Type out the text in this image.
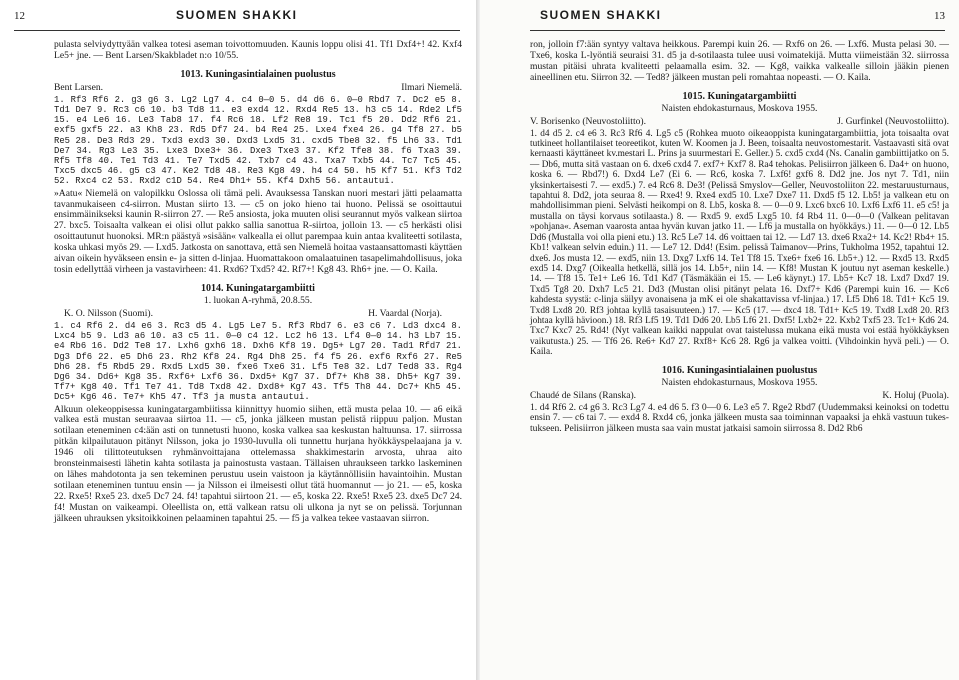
12	SUOMEN SHAKKI

pulasta selviydyttyään valkea totesi aseman toivottomuuden. Kaunis loppu olisi 41. Tf1 Dxf4+! 42. Kxf4 Le5+ jne. — Bent Larsen/Skakbladet n:o 10/55.

1013. Kuningasintialainen puolustus
Bent Larsen.	Ilmari Niemelä.

1. Rf3 Rf6 2. g3 g6 3. Lg2 Lg7 4. c4 0—0 5. d4 d6 6. 0—0 Rbd7 7. Dc2 e5 8. Td1 De7 9. Rc3 c6 10. b3 Td8 11. e3 exd4 12. Rxd4 Re5 13. h3 c5 14. Rde2 Lf5 15. e4 Le6 16. Le3 Tab8 17. f4 Rc6 18. Lf2 Re8 19. Tc1 f5 20. Dd2 Rf6 21. exf5 gxf5 22. a3 Kh8 23. Rd5 Df7 24. b4 Re4 25. Lxe4 fxe4 26. g4 Tf8 27. b5 Re5 28. De3 Rd3 29. Txd3 exd3 30. Dxd3 Lxd5 31. cxd5 Tbe8 32. f5 Lh6 33. Td1 De7 34. Rg3 Le3 35. Lxe3 Dxe3+ 36. Dxe3 Txe3 37. Kf2 Tfe8 38. f6 Txa3 39. Rf5 Tf8 40. Te1 Td3 41. Te7 Txd5 42. Txb7 c4 43. Txa7 Txb5 44. Tc7 Tc5 45. Txc5 dxc5 46. g5 c3 47. Ke2 Td8 48. Re3 Kg8 49. h4 c4 50. h5 Kf7 51. Kf3 Td2 52. Rxc4 c2 53. Rxd2 c1D 54. Re4 Dh1+ 55. Kf4 Dxh5 56. antautui.

»Aatu« Niemelä on valopilkku Oslossa oli tämä peli. Avauksessa Tanskan nuori mestari jätti pelaamatta tavanmukaiseen c4-siirron. Mustan siirto 13. — c5 on joko hieno tai huono. Pelissä se osoittautui ensimmäinikseksi kaunin R-siirron 27. — Re5 ansiosta, joka muuten olisi seurannut myös valkean siirtoa 27. bxc5. Toisaalta valkean ei olisi ollut pakko sallia sanottua R-siirtoa, jolloin 13. — c5 herkästi olisi osoittautunut huonoksi. MR:n päästyä »sisään« valkealla ei ollut parempaa kuin antaa kvaliteetti sotilasta, koska uhkasi myös 29. — Lxd5. Jatkosta on sanottava, että sen Niemelä hoitaa vastaansattomasti käyttäen aivan oikein hyväkseen ensin e- ja sitten d-linjaa. Huomattakoon omalaatuinen tasapelimahdollisuus, joka tosin edellyttää virheen ja vastavirheen: 41. Rxd6? Txd5? 42. Rf7+! Kg8 43. Rh6+ jne. — O. Kaila.

1014. Kuningatargambiitti
1. luokan A-ryhmä, 20.8.55.
K. O. Nilsson (Suomi).	H. Vaardal (Norja).

1. c4 Rf6 2. d4 e6 3. Rc3 d5 4. Lg5 Le7 5. Rf3 Rbd7 6. e3 c6 7. Ld3 dxc4 8. Lxc4 b5 9. Ld3 a6 10. a3 c5 11. 0—0 c4 12. Lc2 h6 13. Lf4 0—0 14. h3 Lb7 15. e4 Rb6 16. Dd2 Te8 17. Lxh6 gxh6 18. Dxh6 Kf8 19. Dg5+ Lg7 20. Tad1 Rfd7 21. Dg3 Df6 22. e5 Dh6 23. Rh2 Kf8 24. Rg4 Dh8 25. f4 f5 26. exf6 Rxf6 27. Re5 Dh6 28. f5 Rbd5 29. Rxd5 Lxd5 30. fxe6 Txe6 31. Lf5 Te8 32. Ld7 Ted8 33. Rg4 Dg6 34. Dd6+ Kg8 35. Rxf6+ Lxf6 36. Dxd5+ Kg7 37. Df7+ Kh8 38. Dh5+ Kg7 39. Tf7+ Kg8 40. Tf1 Te7 41. Td8 Txd8 42. Dxd8+ Kg7 43. Tf5 Th8 44. Dc7+ Kh5 45. Dc5+ Kg6 46. Te7+ Kh5 47. Tf3 ja musta antautui.

Alkuun olekeoppisessa kuningatargambiitissa kiinnittyy huomio siihen, että musta pelaa 10. — a6 eikä valkea estä mustan seuraavaa siirtoa 11. — c5, jonka jälkeen mustan pelistä riippuu paljon. Mustan sotilaan eteneminen c4:ään asti on tunnetusti huono, koska valkea saa keskustan haltuunsa. 17. siirrossa pitkän kilpailutauon pitänyt Nilsson, joka jo 1930-luvulla oli tunnettu hurjana hyökkäyspelaajana ja v. 1946 oli tilittoteutuksen ryhmänvoittajana ottelemassa shakkimestarin arvosta, uhraa aito bronsteinmaisesti lähetin kahta sotilasta ja painostusta vastaan. Tällaisen uhraukseen tarkko laskeminen on lähes mahdotonta ja sen tekeminen perustuu usein vaistoon ja käytännöllisiin havaintoihin. Mustan sotilaan eteneminen tuntuu ensin — ja Nilsson ei ilmeisesti ollut tätä huomannut — jo 21. — e5, koska 22. Rxe5! Rxe5 23. dxe5 Dc7 24. f4! tapahtui siirtoon 21. — e5, koska 22. Rxe5! Rxe5 23. dxe5 Dc7 24. f4! Mustan on vaikeampi. Oleellista on, että valkean ratsu oli ulkona ja nyt se on pelissä. Torjunnan jälkeen uhrauksen yksitoikkoinen pelaaminen tapahtui 25. — f5 ja valkea tekee vastaavan siirron.

SUOMEN SHAKKI	13

ron, jolloin f7:ään syntyy valtava heikkous. Parempi kuin 26. — Rxf6 on 26. — Lxf6. Musta pelasi 30. — Txe6, koska L-lyöntiä seuraisi 31. d5 ja d-sotilaasta tulee uusi voimatekijä. Mutta viimeistään 32. siirrossa mustan pitäisi uhrata kvaliteetti pelaamalla esim. 32. — Kg8, vaikka valkealle silloin jääkin pienen aineellinen etu. Siirron 32. — Ted8? jälkeen mustan peli romahtaa nopeasti. — O. Kaila.

1015. Kuningatargambiitti
Naisten ehdokasturnaus, Moskova 1955.
V. Borisenko (Neuvostoliitto).	J. Gurfinkel (Neuvostoliitto).

1. d4 d5 2. c4 e6 3. Rc3 Rf6 4. Lg5 c5 (Rohkea muoto oikeaoppista kuningatargambiittia, jota toisaalta ovat tutkineet hollantilaiset teoreetikot, kuten W. Koomen ja J. Been, toisaalta neuvostomestarit. Vastaavasti sitä ovat kernaasti käyttäneet kv.mestari L. Prins ja suurmestari E. Geller.) 5. cxd5 cxd4 (Ns. Canalin gambiittijatko on 5. — Db6, mutta sitä vastaan on 6. dxe6 cxd4 7. exf7+ Kxf7 8. Ra4 tehokas. Pelisiirron jälkeen 6. Da4+ on huono, koska 6. — Rbd7!) 6. Dxd4 Le7 (Ei 6. — Rc6, koska 7. Lxf6! gxf6 8. Dd2 jne. Jos nyt 7. Td1, niin yksinkertaisesti 7. — exd5.) 7. e4 Rc6 8. De3! (Pelissä Smyslov—Geller, Neuvostoliiton 22. mestaruusturnaus, tapahtui 8. Dd2, jota seuraa 8. — Rxe4! 9. Rxe4 exd5 10. Lxe7 Dxe7 11. Dxd5 f5 12. Lb5! ja valkean etu on mahdollisimman pieni. Selvästi heikompi on 8. Lb5, koska 8. — 0—0 9. Lxc6 bxc6 10. Lxf6 Lxf6 11. e5 c5! ja mustalla on täysi korvaus sotilaasta.) 8. — Rxd5 9. exd5 Lxg5 10. f4 Rb4 11. 0—0—0 (Valkean pelitavan »pohjana«. Aseman vaarosta antaa hyvän kuvan jatko 11. — Lf6 ja mustalla on hyökkäys.) 11. — 0—0 12. Lb5 Dd6 (Mustalla voi olla pieni etu.) 13. Rc5 Le7 14. d6 voittaen tai 12. — Ld7 13. dxe6 Rxa2+ 14. Kc2! Rb4+ 15. Kb1! valkean selvin eduin.) 11. — Le7 12. Dd4! (Esim. pelissä Taimanov—Prins, Tukholma 1952, tapahtui 12. dxe6. Jos musta 12. — exd5, niin 13. Dxg7 Lxf6 14. Te1 Tf8 15. Txe6+ fxe6 16. Lb5+.) 12. — Rxd5 13. Rxd5 exd5 14. Dxg7 (Oikealla hetkellä, sillä jos 14. Lb5+, niin 14. — Kf8! Mustan K joutuu nyt aseman keskelle.) 14. — Tf8 15. Te1+ Le6 16. Td1 Kd7 (Täsmäkään ei 15. — Le6 käynyt.) 17. Lb5+ Kc7 18. Lxd7 Dxd7 19. Txd5 Tg8 20. Dxh7 Lc5 21. Dd3 (Mustan olisi pitänyt pelata 16. Dxf7+ Kd6 (Parempi kuin 16. — Kc6 kahdesta syystä: c-linja säilyy avonaisena ja mK ei ole shakattavissa vf-linjaa.) 17. Lf5 Dh6 18. Td1+ Kc5 19. Txd8 Lxd8 20. Rf3 johtaa kyllä tasaisuuteen.) 17. — Kc5 (17. — dxc4 18. Td1+ Kc5 19. Txd8 Lxd8 20. Rf3 johtaa kyllä hävioon.) 18. Rf3 Lf5 19. Td1 Dd6 20. Lb5 Lf6 21. Dxf5! Lxb2+ 22. Kxb2 Txf5 23. Tc1+ Kd6 24. Txc7 Kxc7 25. Rd4! (Nyt valkean kaikki nappulat ovat taistelussa mukana eikä musta voi estää hyökkäyksen vaikutusta.) 25. — Tf6 26. Re6+ Kd7 27. Rxf8+ Kc6 28. Rg6 ja valkea voitti. (Vihdoinkin hyvä peli.) — O. Kaila.

1016. Kuningasintialainen puolustus
Naisten ehdokasturnaus, Moskova 1955.
Chaudé de Silans (Ranska).	K. Holuj (Puola).

1. d4 Rf6 2. c4 g6 3. Rc3 Lg7 4. e4 d6 5. f3 0—0 6. Le3 e5 7. Rge2 Rbd7 (Uudemmaksi keinoksi on todettu ensin 7. — c6 tai 7. — exd4 8. Rxd4 c6, jonka jälkeen musta saa toiminnan vapaaksi ja ehkä vastuun tukes-tukseen. Pelisiirron jälkeen musta saa vain mustat jatkaisi samoin siirrossa 8. Dd2 Rb6
